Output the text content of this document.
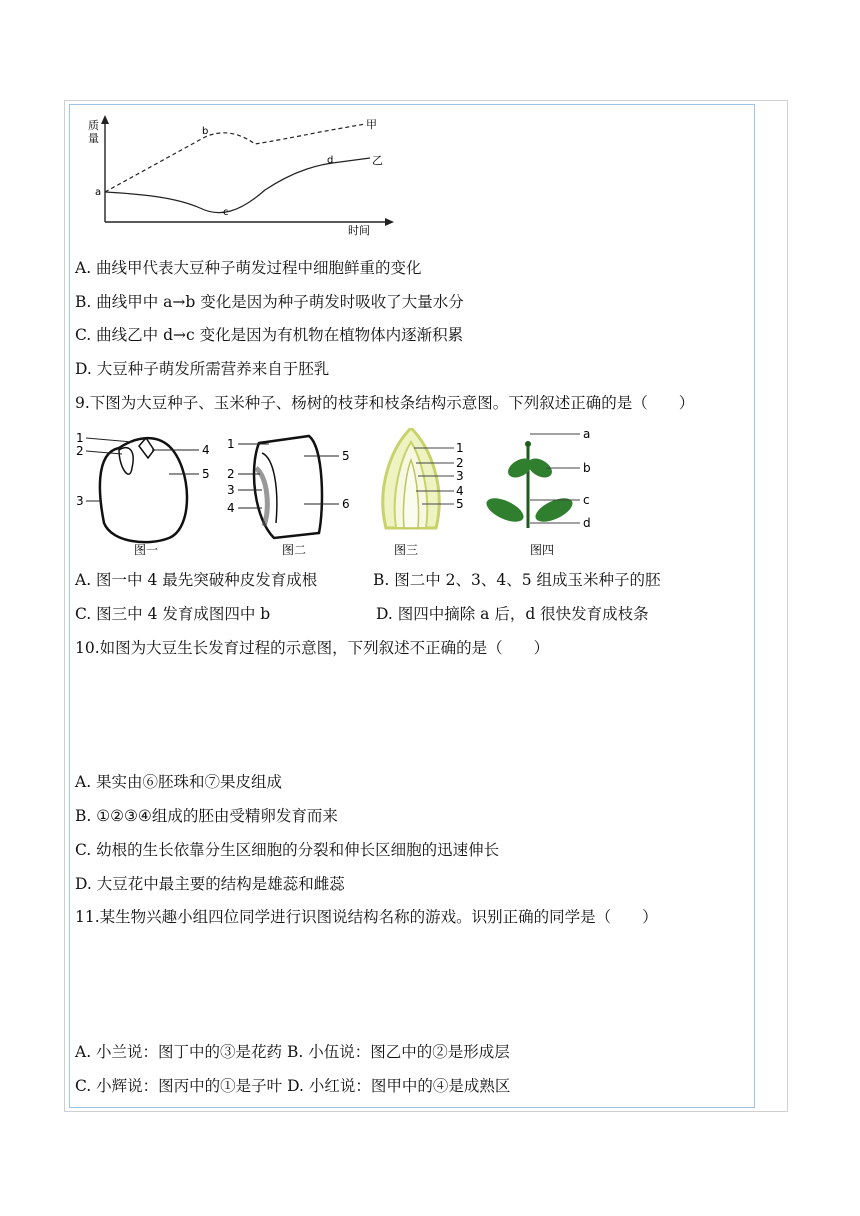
质
量
时间
甲
乙
a
b
c
d
A. 曲线甲代表大豆种子萌发过程中细胞鲜重的变化
B. 曲线甲中 a→b 变化是因为种子萌发时吸收了大量水分
C. 曲线乙中 d→c 变化是因为有机物在植物体内逐渐积累
D. 大豆种子萌发所需营养来自于胚乳
9.下图为大豆种子、玉米种子、杨树的枝芽和枝条结构示意图。下列叙述正确的是（　　）
1
2
3
4
5
图一
1
2
3
4
5
6
图二
1
2
3
4
5
图三
a
b
c
d
图四
A. 图一中 4 最先突破种皮发育成根	B. 图二中 2、3、4、5 组成玉米种子的胚
C. 图三中 4 发育成图四中 b	D. 图四中摘除 a 后，d 很快发育成枝条
10.如图为大豆生长发育过程的示意图，下列叙述不正确的是（　　）
A. 果实由⑥胚珠和⑦果皮组成
B. ①②③④组成的胚由受精卵发育而来
C. 幼根的生长依靠分生区细胞的分裂和伸长区细胞的迅速伸长
D. 大豆花中最主要的结构是雄蕊和雌蕊
11.某生物兴趣小组四位同学进行识图说结构名称的游戏。识别正确的同学是（　　）
A. 小兰说：图丁中的③是花药 B. 小伍说：图乙中的②是形成层
C. 小辉说：图丙中的①是子叶 D. 小红说：图甲中的④是成熟区
